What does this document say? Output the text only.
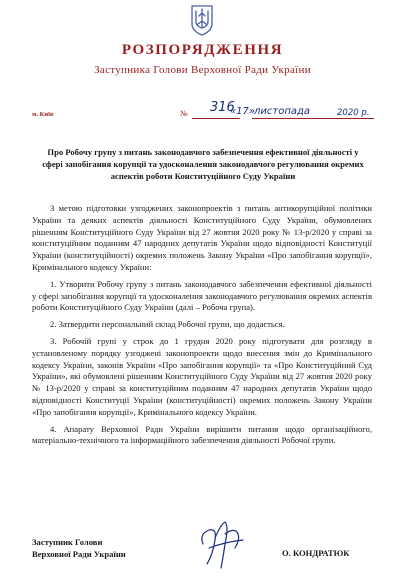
РОЗПОРЯДЖЕННЯ
Заступника Голови Верховної Ради України
м. Київ	№ 316
«17»
листопада	2020 р.
Про Робочу групу з питань законодавчого забезпечення ефективної діяльності у сфері запобігання корупції та удосконалення законодавчого регулювання окремих аспектів роботи Конституційного Суду України

З метою підготовки узгоджених законопроектів з питань антикорупційної політики України та деяких аспектів діяльності Конституційного Суду України, обумовлених рішенням Конституційного Суду України від 27 жовтня 2020 року № 13-р/2020 у справі за конституційним поданням 47 народних депутатів України щодо відповідності Конституції України (конституційності) окремих положень Закону України «Про запобігання корупції», Кримінального кодексу України:

1. Утворити Робочу групу з питань законодавчого забезпечення ефективної діяльності у сфері запобігання корупції та удосконалення законодавчого регулювання окремих аспектів роботи Конституційного Суду України (далі – Робоча група).

2. Затвердити персональний склад Робочої групи, що додається.

3. Робочій групі у строк до 1 грудня 2020 року підготувати для розгляду в установленому порядку узгоджені законопроекти щодо внесення змін до Кримінального кодексу України, законів України «Про запобігання корупції» та «Про Конституційний Суд України», які обумовлені рішенням Конституційного Суду України від 27 жовтня 2020 року № 13-р/2020 у справі за конституційним поданням 47 народних депутатів України щодо відповідності Конституції України (конституційності) окремих положень Закону України «Про запобігання корупції», Кримінального кодексу України.

4. Апарату Верховної Ради України вирішити питання щодо організаційного, матеріально-технічного та інформаційного забезпечення діяльності Робочої групи.

Заступник Голови
Верховної Ради України	О. КОНДРАТЮК
